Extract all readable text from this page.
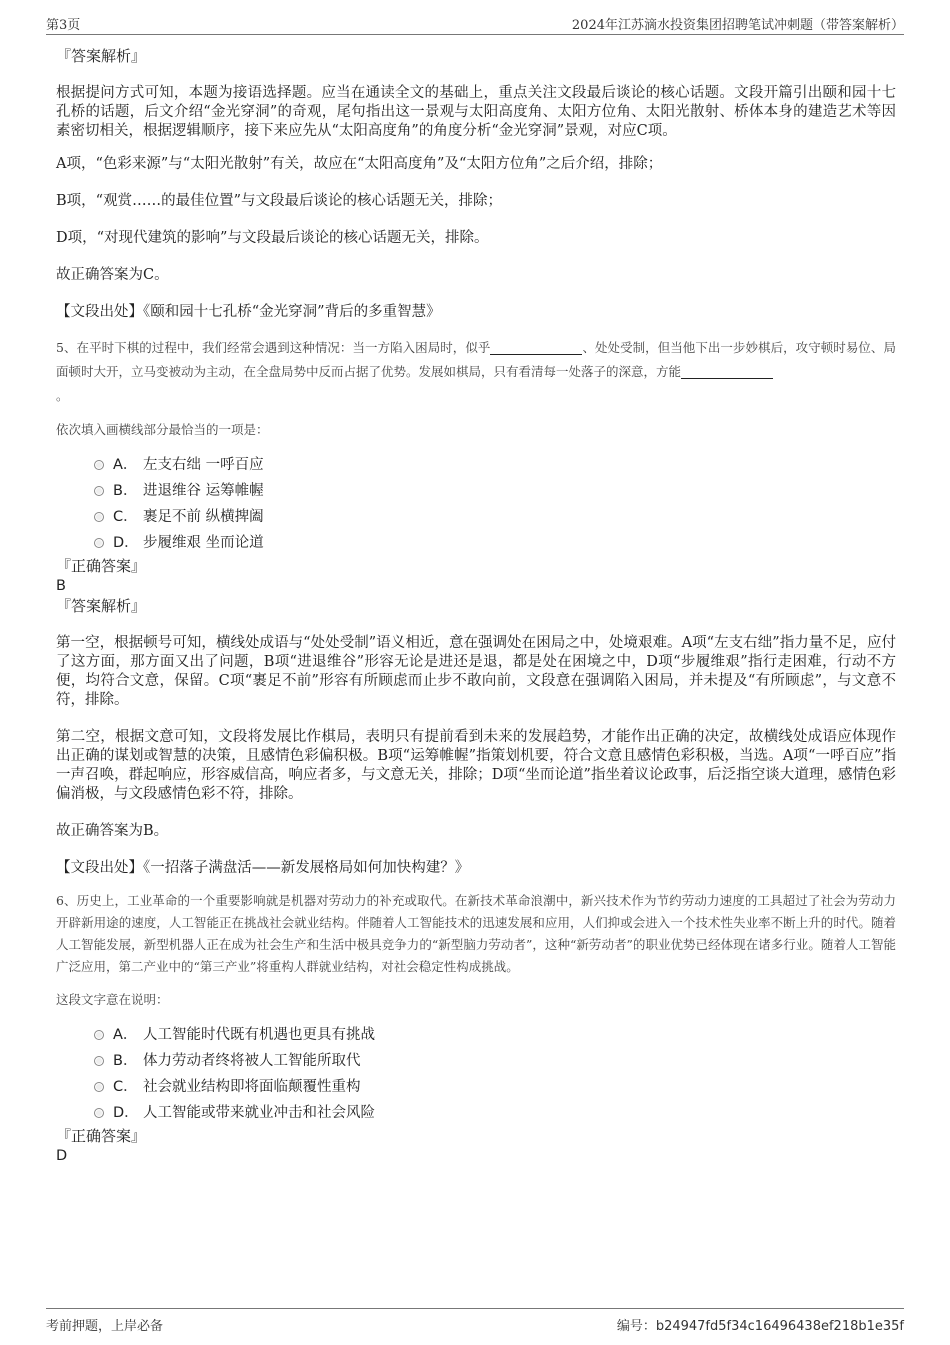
第3页	2024年江苏滴水投资集团招聘笔试冲刺题（带答案解析）

『答案解析』

根据提问方式可知，本题为接语选择题。应当在通读全文的基础上，重点关注文段最后谈论的核心话题。文段开篇引出颐和园十七孔桥的话题，后文介绍“金光穿洞”的奇观，尾句指出这一景观与太阳高度角、太阳方位角、太阳光散射、桥体本身的建造艺术等因素密切相关，根据逻辑顺序，接下来应先从“太阳高度角”的角度分析“金光穿洞”景观，对应C项。

A项，“色彩来源”与“太阳光散射”有关，故应在“太阳高度角”及“太阳方位角”之后介绍，排除；

B项，“观赏……的最佳位置”与文段最后谈论的核心话题无关，排除；

D项，“对现代建筑的影响”与文段最后谈论的核心话题无关，排除。

故正确答案为C。

【文段出处】《颐和园十七孔桥“金光穿洞”背后的多重智慧》

5、在平时下棋的过程中，我们经常会遇到这种情况：当一方陷入困局时，似乎	、处处受制，但当他下出一步妙棋后，攻守顿时易位、局面顿时大开，立马变被动为主动，在全盘局势中反而占据了优势。发展如棋局，只有看清每一处落子的深意，方能
。

依次填入画横线部分最恰当的一项是：

A． 左支右绌 一呼百应
B． 进退维谷 运筹帷幄
C． 裹足不前 纵横捭阖
D． 步履维艰 坐而论道

『正确答案』

B

『答案解析』

第一空，根据顿号可知，横线处成语与“处处受制”语义相近，意在强调处在困局之中，处境艰难。A项“左支右绌”指力量不足，应付了这方面，那方面又出了问题，B项“进退维谷”形容无论是进还是退，都是处在困境之中，D项“步履维艰”指行走困难，行动不方便，均符合文意，保留。C项“裹足不前”形容有所顾虑而止步不敢向前，文段意在强调陷入困局，并未提及“有所顾虑”，与文意不符，排除。

第二空，根据文意可知，文段将发展比作棋局，表明只有提前看到未来的发展趋势，才能作出正确的决定，故横线处成语应体现作出正确的谋划或智慧的决策，且感情色彩偏积极。B项“运筹帷幄”指策划机要，符合文意且感情色彩积极，当选。A项“一呼百应”指一声召唤，群起响应，形容威信高，响应者多，与文意无关，排除；D项“坐而论道”指坐着议论政事，后泛指空谈大道理，感情色彩偏消极，与文段感情色彩不符，排除。

故正确答案为B。

【文段出处】《一招落子满盘活——新发展格局如何加快构建？》

6、历史上，工业革命的一个重要影响就是机器对劳动力的补充或取代。在新技术革命浪潮中，新兴技术作为节约劳动力速度的工具超过了社会为劳动力开辟新用途的速度，人工智能正在挑战社会就业结构。伴随着人工智能技术的迅速发展和应用，人们抑或会进入一个技术性失业率不断上升的时代。随着人工智能发展，新型机器人正在成为社会生产和生活中极具竞争力的“新型脑力劳动者”，这种“新劳动者”的职业优势已经体现在诸多行业。随着人工智能广泛应用，第二产业中的“第三产业”将重构人群就业结构，对社会稳定性构成挑战。

这段文字意在说明：

A． 人工智能时代既有机遇也更具有挑战
B． 体力劳动者终将被人工智能所取代
C． 社会就业结构即将面临颠覆性重构
D． 人工智能或带来就业冲击和社会风险

『正确答案』

D

考前押题，上岸必备	编号：b24947fd5f34c16496438ef218b1e35f
